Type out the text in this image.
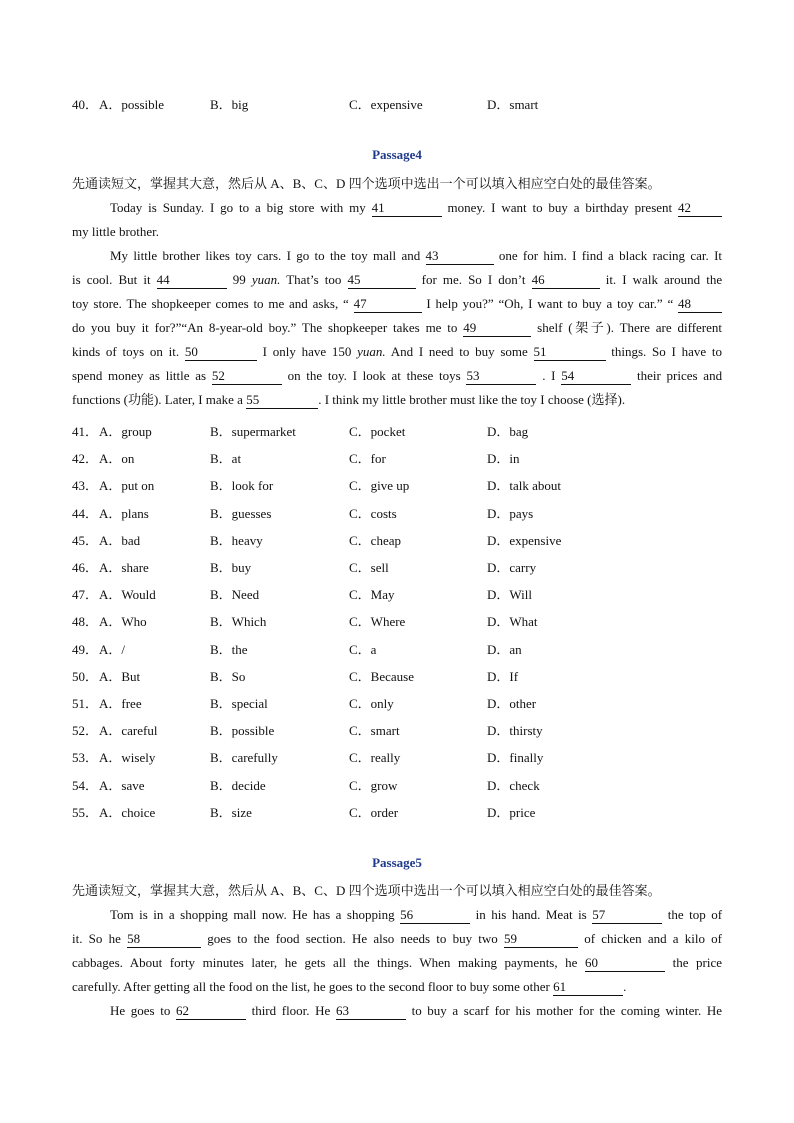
40． A．possible	B．big	C．expensive	D．smart
Passage4
先通读短文，掌握其大意，然后从 A、B、C、D 四个选项中选出一个可以填入相应空白处的最佳答案。
Today is Sunday. I go to a big store with my 41	money. I want to buy a birthday present 42
my little brother.
My little brother likes toy cars. I go to the toy mall and 43	one for him. I find a black racing car. It
is cool. But it 44	99 yuan. That’s too 45	for me. So I don’t 46	it. I walk around the
toy store. The shopkeeper comes to me and asks, “ 47	I help you?” “Oh, I want to buy a toy car.” “ 48
do you buy it for?”“An 8-year-old boy.” The shopkeeper takes me to 49	shelf (架子). There are different
kinds of toys on it. 50	I only have 150 yuan. And I need to buy some 51	things. So I have to
spend money as little as 52	on the toy. I look at these toys 53	. I 54	their prices and
functions (功能). Later, I make a 55	. I think my little brother must like the toy I choose (选择).
41． A．group	B．supermarket	C．pocket	D．bag
42． A．on	B．at	C．for	D．in
43． A．put on	B．look for	C．give up	D．talk about
44． A．plans	B．guesses	C．costs	D．pays
45． A．bad	B．heavy	C．cheap	D．expensive
46． A．share	B．buy	C．sell	D．carry
47． A．Would	B．Need	C．May	D．Will
48． A．Who	B．Which	C．Where	D．What
49． A．/	B．the	C．a	D．an
50． A．But	B．So	C．Because	D．If
51． A．free	B．special	C．only	D．other
52． A．careful	B．possible	C．smart	D．thirsty
53． A．wisely	B．carefully	C．really	D．finally
54． A．save	B．decide	C．grow	D．check
55． A．choice	B．size	C．order	D．price
Passage5
先通读短文，掌握其大意，然后从 A、B、C、D 四个选项中选出一个可以填入相应空白处的最佳答案。
Tom is in a shopping mall now. He has a shopping 56	in his hand. Meat is 57	the top of
it. So he 58	goes to the food section. He also needs to buy two 59	of chicken and a kilo of
cabbages. About forty minutes later, he gets all the things. When making payments, he 60	the price
carefully. After getting all the food on the list, he goes to the second floor to buy some other 61	.
He goes to 62	third floor. He 63	to buy a scarf for his mother for the coming winter. He
